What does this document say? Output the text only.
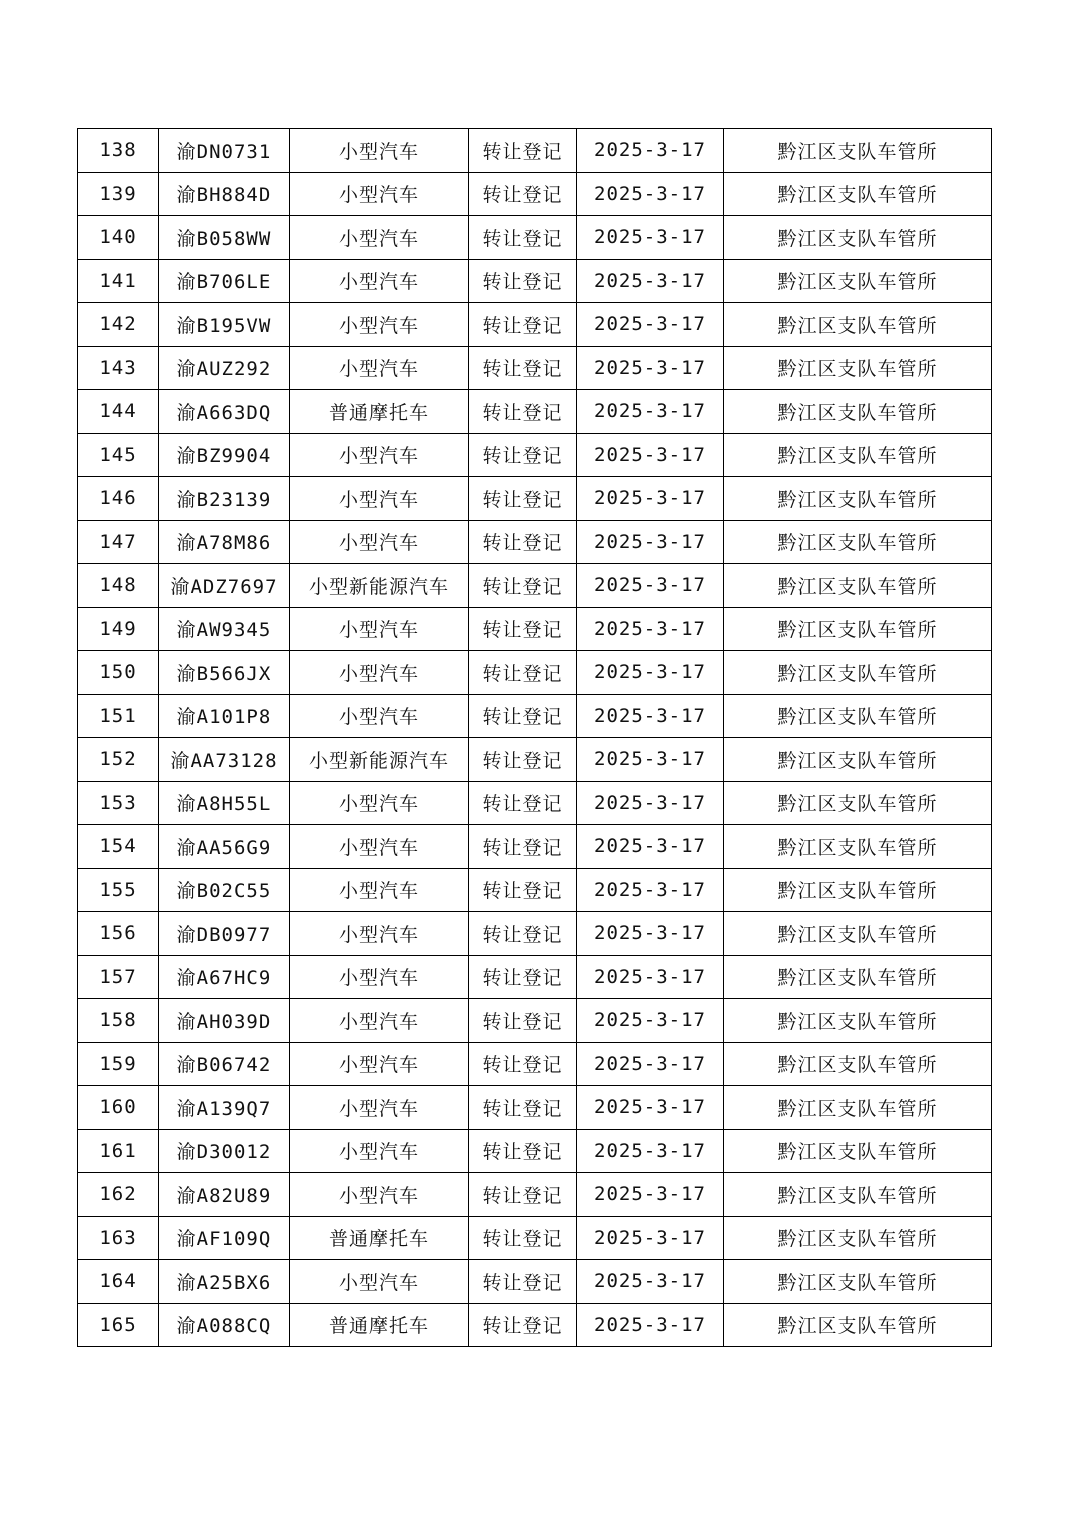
138	渝DN0731	小型汽车	转让登记	2025-3-17	黔江区支队车管所
139	渝BH884D	小型汽车	转让登记	2025-3-17	黔江区支队车管所
140	渝B058WW	小型汽车	转让登记	2025-3-17	黔江区支队车管所
141	渝B706LE	小型汽车	转让登记	2025-3-17	黔江区支队车管所
142	渝B195VW	小型汽车	转让登记	2025-3-17	黔江区支队车管所
143	渝AUZ292	小型汽车	转让登记	2025-3-17	黔江区支队车管所
144	渝A663DQ	普通摩托车	转让登记	2025-3-17	黔江区支队车管所
145	渝BZ9904	小型汽车	转让登记	2025-3-17	黔江区支队车管所
146	渝B23139	小型汽车	转让登记	2025-3-17	黔江区支队车管所
147	渝A78M86	小型汽车	转让登记	2025-3-17	黔江区支队车管所
148	渝ADZ7697	小型新能源汽车	转让登记	2025-3-17	黔江区支队车管所
149	渝AW9345	小型汽车	转让登记	2025-3-17	黔江区支队车管所
150	渝B566JX	小型汽车	转让登记	2025-3-17	黔江区支队车管所
151	渝A101P8	小型汽车	转让登记	2025-3-17	黔江区支队车管所
152	渝AA73128	小型新能源汽车	转让登记	2025-3-17	黔江区支队车管所
153	渝A8H55L	小型汽车	转让登记	2025-3-17	黔江区支队车管所
154	渝AA56G9	小型汽车	转让登记	2025-3-17	黔江区支队车管所
155	渝B02C55	小型汽车	转让登记	2025-3-17	黔江区支队车管所
156	渝DB0977	小型汽车	转让登记	2025-3-17	黔江区支队车管所
157	渝A67HC9	小型汽车	转让登记	2025-3-17	黔江区支队车管所
158	渝AH039D	小型汽车	转让登记	2025-3-17	黔江区支队车管所
159	渝B06742	小型汽车	转让登记	2025-3-17	黔江区支队车管所
160	渝A139Q7	小型汽车	转让登记	2025-3-17	黔江区支队车管所
161	渝D30012	小型汽车	转让登记	2025-3-17	黔江区支队车管所
162	渝A82U89	小型汽车	转让登记	2025-3-17	黔江区支队车管所
163	渝AF109Q	普通摩托车	转让登记	2025-3-17	黔江区支队车管所
164	渝A25BX6	小型汽车	转让登记	2025-3-17	黔江区支队车管所
165	渝A088CQ	普通摩托车	转让登记	2025-3-17	黔江区支队车管所
